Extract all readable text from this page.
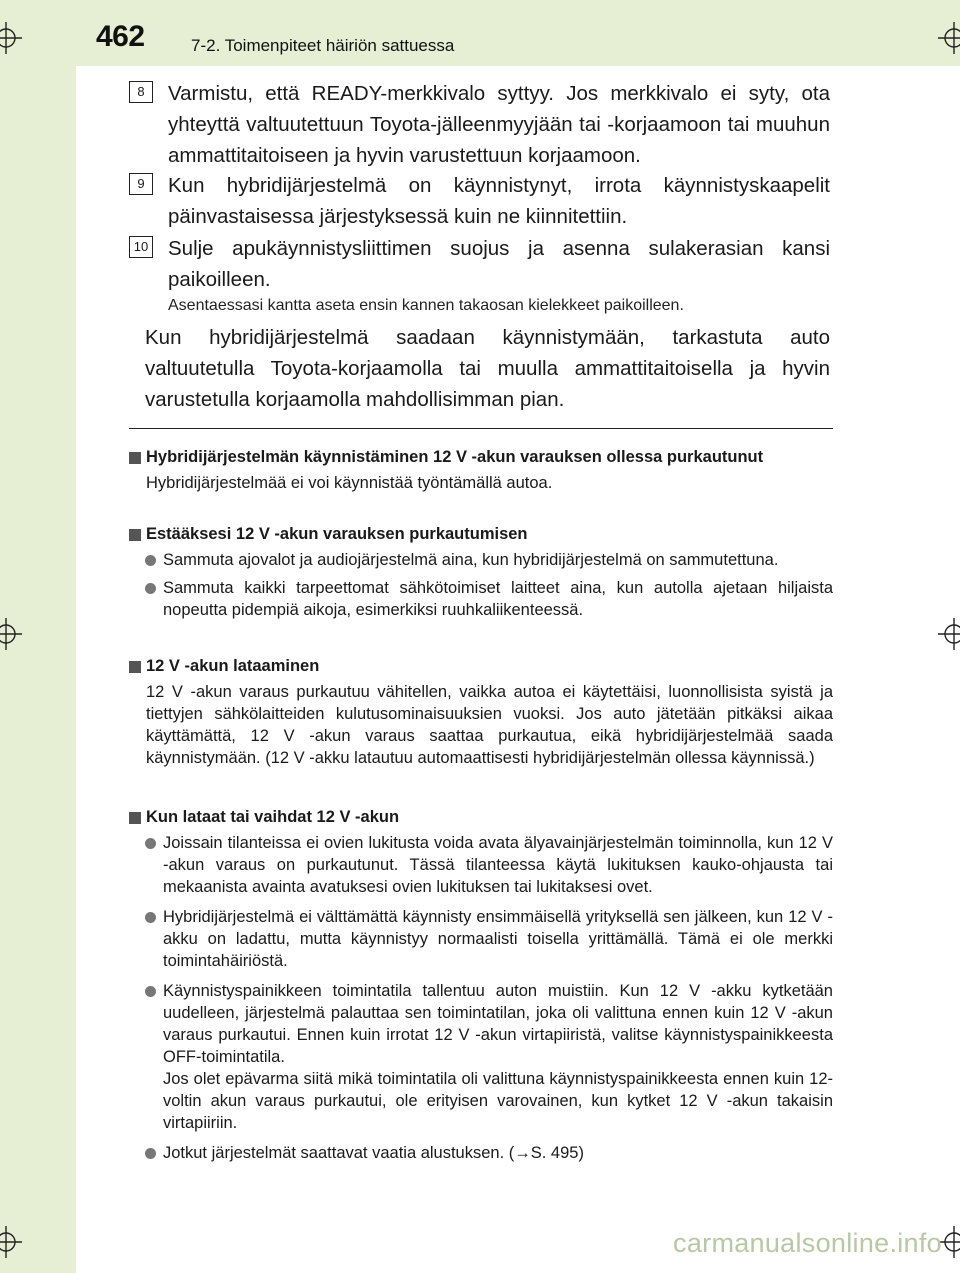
462	7-2. Toimenpiteet häiriön sattuessa
8	Varmistu, että READY-merkkivalo syttyy. Jos merkkivalo ei syty, ota yhteyttä valtuutettuun Toyota-jälleenmyyjään tai -korjaamoon tai muuhun ammattitaitoiseen ja hyvin varustettuun korjaamoon.
9	Kun hybridijärjestelmä on käynnistynyt, irrota käynnistyskaapelit päinvastaisessa järjestyksessä kuin ne kiinnitettiin.
10 Sulje apukäynnistysliittimen suojus ja asenna sulakerasian kansi paikoilleen.
Asentaessasi kantta aseta ensin kannen takaosan kielekkeet paikoilleen.
Kun hybridijärjestelmä saadaan käynnistymään, tarkastuta auto valtuutetulla Toyota-korjaamolla tai muulla ammattitaitoisella ja hyvin varustetulla korjaamolla mahdollisimman pian.
Hybridijärjestelmän käynnistäminen 12 V -akun varauksen ollessa purkautunut
Hybridijärjestelmää ei voi käynnistää työntämällä autoa.
Estääksesi 12 V -akun varauksen purkautumisen
Sammuta ajovalot ja audiojärjestelmä aina, kun hybridijärjestelmä on sammutettuna.
Sammuta kaikki tarpeettomat sähkötoimiset laitteet aina, kun autolla ajetaan hiljaista nopeutta pidempiä aikoja, esimerkiksi ruuhkaliikenteessä.
12 V -akun lataaminen
12 V -akun varaus purkautuu vähitellen, vaikka autoa ei käytettäisi, luonnollisista syistä ja tiettyjen sähkölaitteiden kulutusominaisuuksien vuoksi. Jos auto jätetään pitkäksi aikaa käyttämättä, 12 V -akun varaus saattaa purkautua, eikä hybridijärjestelmää saada käynnistymään. (12 V -akku latautuu automaattisesti hybridijärjestelmän ollessa käynnissä.)
Kun lataat tai vaihdat 12 V -akun
Joissain tilanteissa ei ovien lukitusta voida avata älyavainjärjestelmän toiminnolla, kun 12 V -akun varaus on purkautunut. Tässä tilanteessa käytä lukituksen kauko-ohjausta tai mekaanista avainta avatuksesi ovien lukituksen tai lukitaksesi ovet.
Hybridijärjestelmä ei välttämättä käynnisty ensimmäisellä yrityksellä sen jälkeen, kun 12 V -akku on ladattu, mutta käynnistyy normaalisti toisella yrittämällä. Tämä ei ole merkki toimintahäiriöstä.
Käynnistyspainikkeen toimintatila tallentuu auton muistiin. Kun 12 V -akku kytketään uudelleen, järjestelmä palauttaa sen toimintatilan, joka oli valittuna ennen kuin 12 V -akun varaus purkautui. Ennen kuin irrotat 12 V -akun virtapiiristä, valitse käynnistyspainikkeesta OFF-toimintatila.
Jos olet epävarma siitä mikä toimintatila oli valittuna käynnistyspainikkeesta ennen kuin 12-voltin akun varaus purkautui, ole erityisen varovainen, kun kytket 12 V -akun takaisin virtapiiriin.
Jotkut järjestelmät saattavat vaatia alustuksen. (→S. 495)
carmanualsonline.info
